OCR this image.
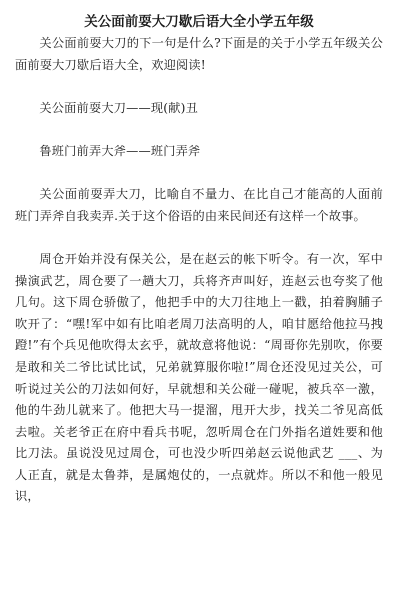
关公面前耍大刀歇后语大全小学五年级

关公面前耍大刀的下一句是什么?下面是的关于小学五年级关公面前耍大刀歇后语大全，欢迎阅读!

关公面前耍大刀——现(献)丑

鲁班门前弄大斧——班门弄斧

关公面前耍弄大刀，比喻自不量力、在比自己才能高的人面前班门弄斧自我卖弄.关于这个俗语的由来民间还有这样一个故事。

周仓开始并没有保关公，是在赵云的帐下听令。有一次，军中操演武艺，周仓要了一趟大刀，兵将齐声叫好，连赵云也夸奖了他几句。这下周仓骄傲了，他把手中的大刀往地上一戳，拍着胸脯子吹开了：“嘿!军中如有比咱老周刀法高明的人，咱甘愿给他拉马拽蹬!”有个兵见他吹得太玄乎，就故意将他说：“周哥你先别吹，你要是敢和关二爷比试比试，兄弟就算服你啦!”周仓还没见过关公，可听说过关公的刀法如何好，早就想和关公碰一碰呢，被兵卒一激，他的牛劲儿就来了。他把大马一提溜，甩开大步，找关二爷见高低去啦。关老爷正在府中看兵书呢，忽听周仓在门外指名道姓要和他比刀法。虽说没见过周仓，可也没少听四弟赵云说他武艺 ___、为人正直，就是太鲁莽，是属炮仗的，一点就炸。所以不和他一般见识，
